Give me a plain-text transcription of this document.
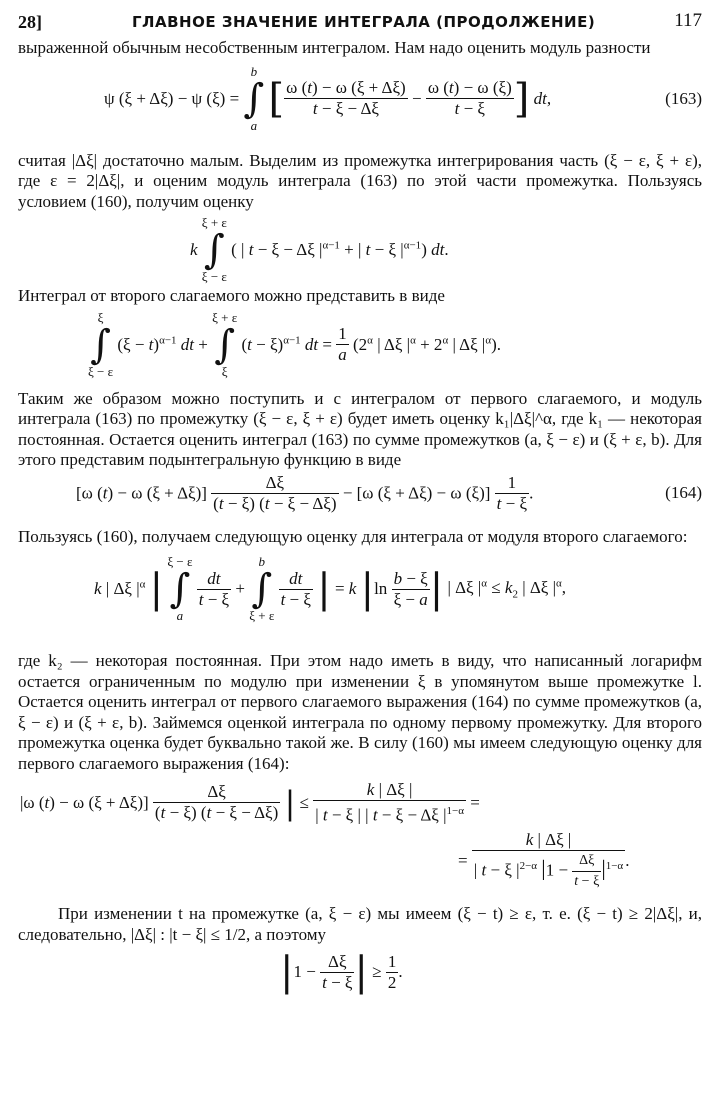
28]	ГЛАВНОЕ ЗНАЧЕНИЕ ИНТЕГРАЛА (ПРОДОЛЖЕНИЕ)	117

выраженной обычным несобственным интегралом. Нам надо оценить модуль разности

ψ (ξ + Δξ) − ψ (ξ) = b
∫
a [ $\frac{\omega (t) - \omega (\xi + \Delta\xi)}{t - \xi - \Delta\xi} - \frac{\omega (t) - \omega (\xi)}{t - \xi}$ ] dt,	(163)

считая |Δξ| достаточно малым. Выделим из промежутка интегрирования часть (ξ − ε, ξ + ε), где ε = 2|Δξ|, и оценим модуль интеграла (163) по этой части промежутка. Пользуясь условием (160), получим оценку

k ξ + ε
∫
ξ − ε ( | t − ξ − Δξ $|^{\alpha-1}$ + | t − ξ $|^{\alpha-1}$) dt.

Интеграл от второго слагаемого можно представить в виде

ξ
∫
ξ − ε $(\xi - t)^{\alpha-1}$ dt + ξ + ε
∫
ξ $(t - \xi)^{\alpha-1}$ dt = $\frac{1}{a} (2^\alpha$ | Δξ $|^\alpha + 2^\alpha$ | Δξ $|^\alpha$).

Таким же образом можно поступить и с интегралом от первого слагаемого, и модуль интеграла (163) по промежутку (ξ − ε, ξ + ε) будет иметь оценку k₁|Δξ|^α, где k₁ — некоторая постоянная. Остается оценить интеграл (163) по сумме промежутков (a, ξ − ε) и (ξ + ε, b). Для этого представим подынтегральную функцию в виде

[ω (t) − ω $(\xi + \Delta\xi)] \frac{\Delta\xi}{(t - \xi) (t - \xi - \Delta\xi)} - [\omega$ (ξ + Δξ) − ω $(\xi)] \frac{1}{t - \xi}$ .	(164)

Пользуясь (160), получаем следующую оценку для интеграла от модуля второго слагаемого:

k | Δξ $|^\alpha$ | ξ − ε
∫
a
$\frac{dt}{t - \xi} + b$
∫
ξ + ε
$\frac{dt}{t - \xi}$ | = k $|\ln \frac{b - \xi}{\xi - a}$ | | Δξ $|^\alpha \le k_2$ | Δξ $|^\alpha$,

где k₂ — некоторая постоянная. При этом надо иметь в виду, что написанный логарифм остается ограниченным по модулю при изменении ξ в упомянутом выше промежутке l. Остается оценить интеграл от первого слагаемого выражения (164) по сумме промежутков (a, ξ − ε) и (ξ + ε, b). Займемся оценкой интеграла по одному первому промежутку. Для второго промежутка оценка будет буквально такой же. В силу (160) мы имеем следующую оценку для первого слагаемого выражения (164):

|ω (t) − ω $(\xi + \Delta\xi)] \frac{\Delta\xi}{(t - \xi) (t - \xi - \Delta\xi)}$ | ≤ $\frac{k | \Delta\xi |}{| t - \xi | | t - \xi - \Delta\xi |^{1-\alpha}}$ =
= $\frac{k | \Delta\xi |}{| t - \xi |^{2-\alpha} |1 - \frac{\Delta\xi}{t - \xi} |^{1-\alpha}}$ .

При изменении t на промежутке (a, ξ − ε) мы имеем (ξ − t) ≥ ε, т. е. (ξ − t) ≥ 2|Δξ|, и, следовательно, |Δξ| : |t − ξ| ≤ 1/2, а поэтому

$|1 - \frac{\Delta\xi}{t - \xi}$ | ≥ $\frac{1}{2}$ .
